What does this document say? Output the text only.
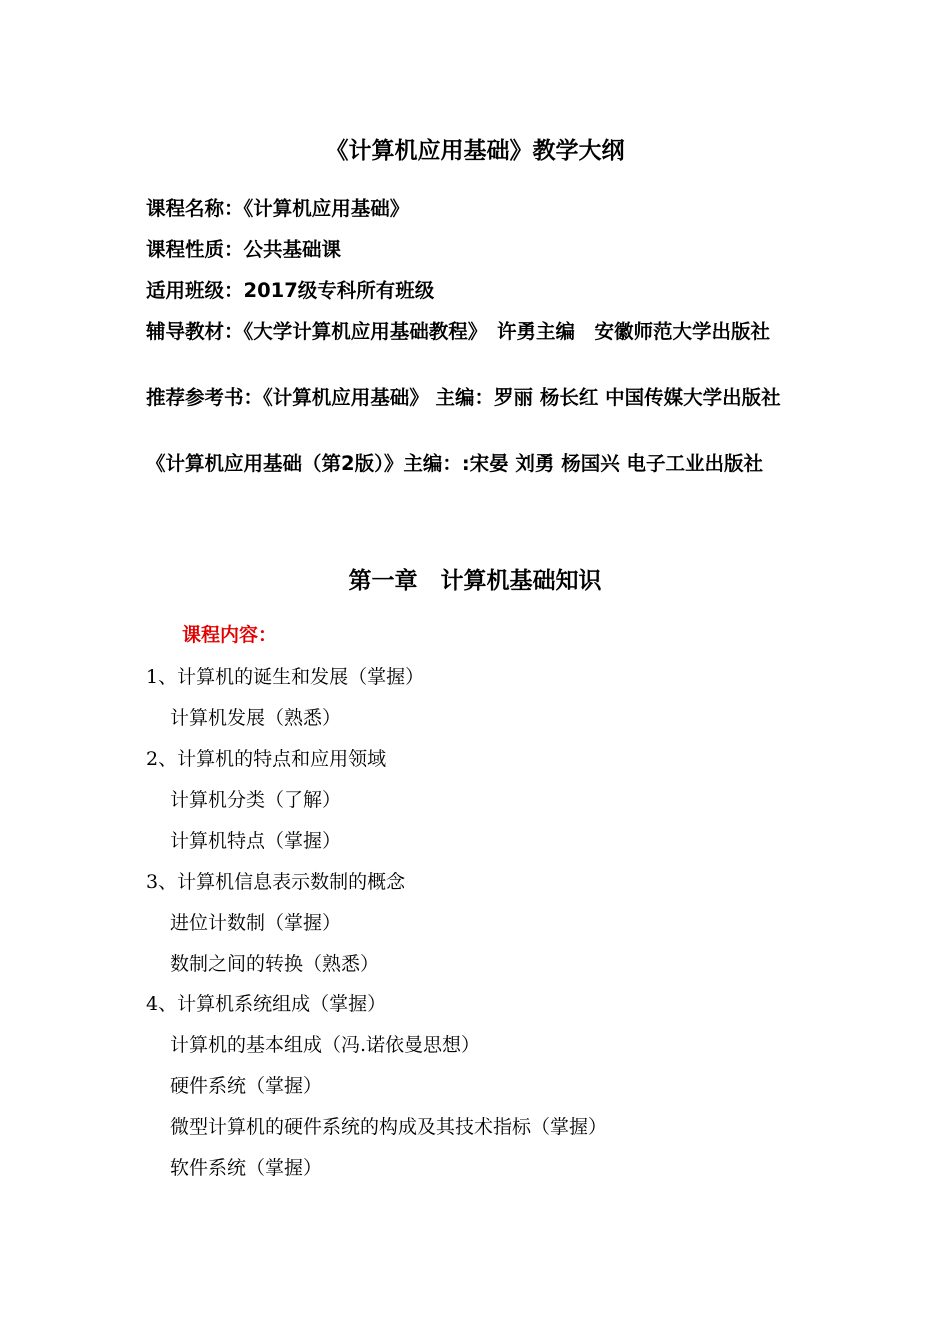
《计算机应用基础》教学大纲
课程名称：《计算机应用基础》
课程性质：公共基础课
适用班级：2017级专科所有班级
辅导教材：《大学计算机应用基础教程》　许勇主编　安徽师范大学出版社
推荐参考书：《计算机应用基础》 主编：罗丽 杨长红 中国传媒大学出版社
《计算机应用基础（第2版）》主编：:宋晏 刘勇 杨国兴 电子工业出版社
第一章　计算机基础知识
课程内容：
1、计算机的诞生和发展（掌握）
计算机发展（熟悉）
2、计算机的特点和应用领域
计算机分类（了解）
计算机特点（掌握）
3、计算机信息表示数制的概念
进位计数制（掌握）
数制之间的转换（熟悉）
4、计算机系统组成（掌握）
计算机的基本组成（冯.诺依曼思想）
硬件系统（掌握）
微型计算机的硬件系统的构成及其技术指标（掌握）
软件系统（掌握）
